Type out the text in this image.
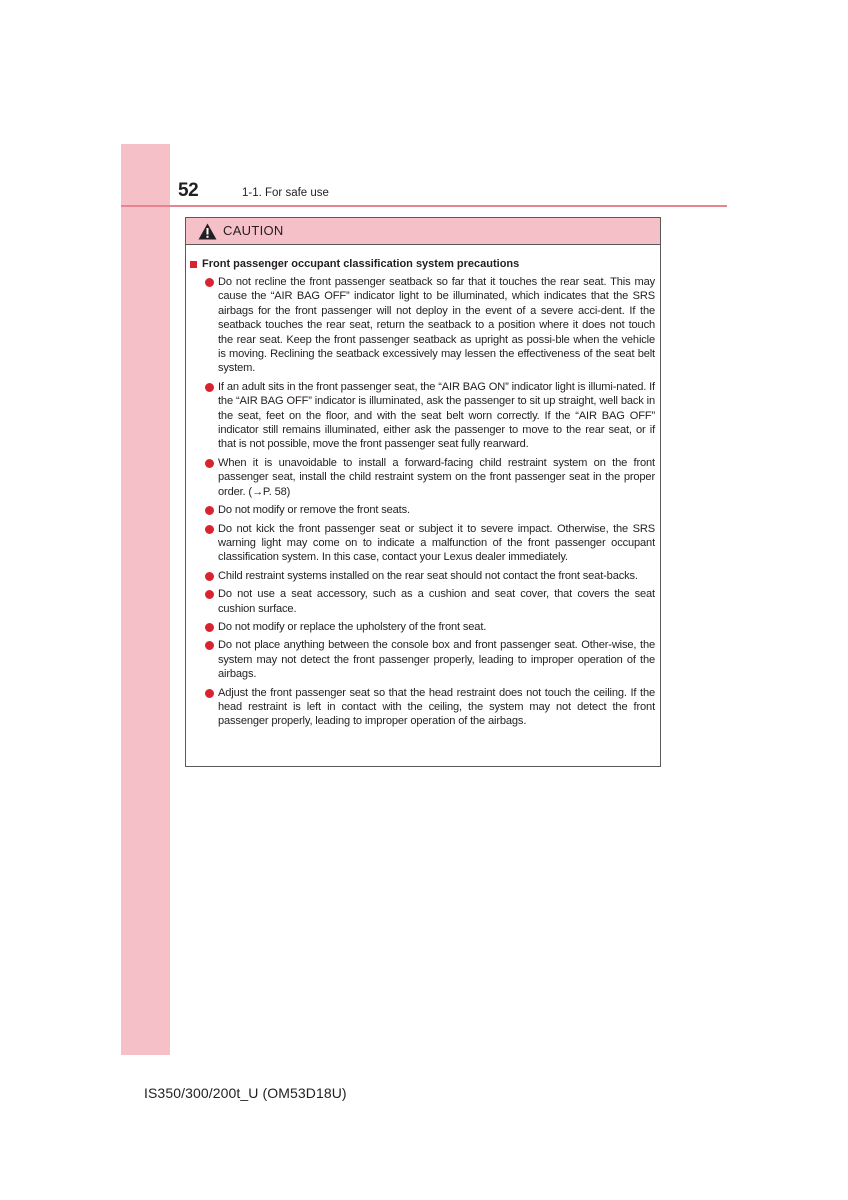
52	1-1. For safe use
CAUTION
Front passenger occupant classification system precautions
Do not recline the front passenger seatback so far that it touches the rear seat. This may cause the “AIR BAG OFF” indicator light to be illuminated, which indicates that the SRS airbags for the front passenger will not deploy in the event of a severe acci-dent. If the seatback touches the rear seat, return the seatback to a position where it does not touch the rear seat. Keep the front passenger seatback as upright as possi-ble when the vehicle is moving. Reclining the seatback excessively may lessen the effectiveness of the seat belt system.
If an adult sits in the front passenger seat, the “AIR BAG ON” indicator light is illumi-nated. If the “AIR BAG OFF” indicator is illuminated, ask the passenger to sit up straight, well back in the seat, feet on the floor, and with the seat belt worn correctly. If the “AIR BAG OFF” indicator still remains illuminated, either ask the passenger to move to the rear seat, or if that is not possible, move the front passenger seat fully rearward.
When it is unavoidable to install a forward-facing child restraint system on the front passenger seat, install the child restraint system on the front passenger seat in the proper order. (→P. 58)
Do not modify or remove the front seats.
Do not kick the front passenger seat or subject it to severe impact. Otherwise, the SRS warning light may come on to indicate a malfunction of the front passenger occupant classification system. In this case, contact your Lexus dealer immediately.
Child restraint systems installed on the rear seat should not contact the front seat-backs.
Do not use a seat accessory, such as a cushion and seat cover, that covers the seat cushion surface.
Do not modify or replace the upholstery of the front seat.
Do not place anything between the console box and front passenger seat. Other-wise, the system may not detect the front passenger properly, leading to improper operation of the airbags.
Adjust the front passenger seat so that the head restraint does not touch the ceiling. If the head restraint is left in contact with the ceiling, the system may not detect the front passenger properly, leading to improper operation of the airbags.
IS350/300/200t_U (OM53D18U)
